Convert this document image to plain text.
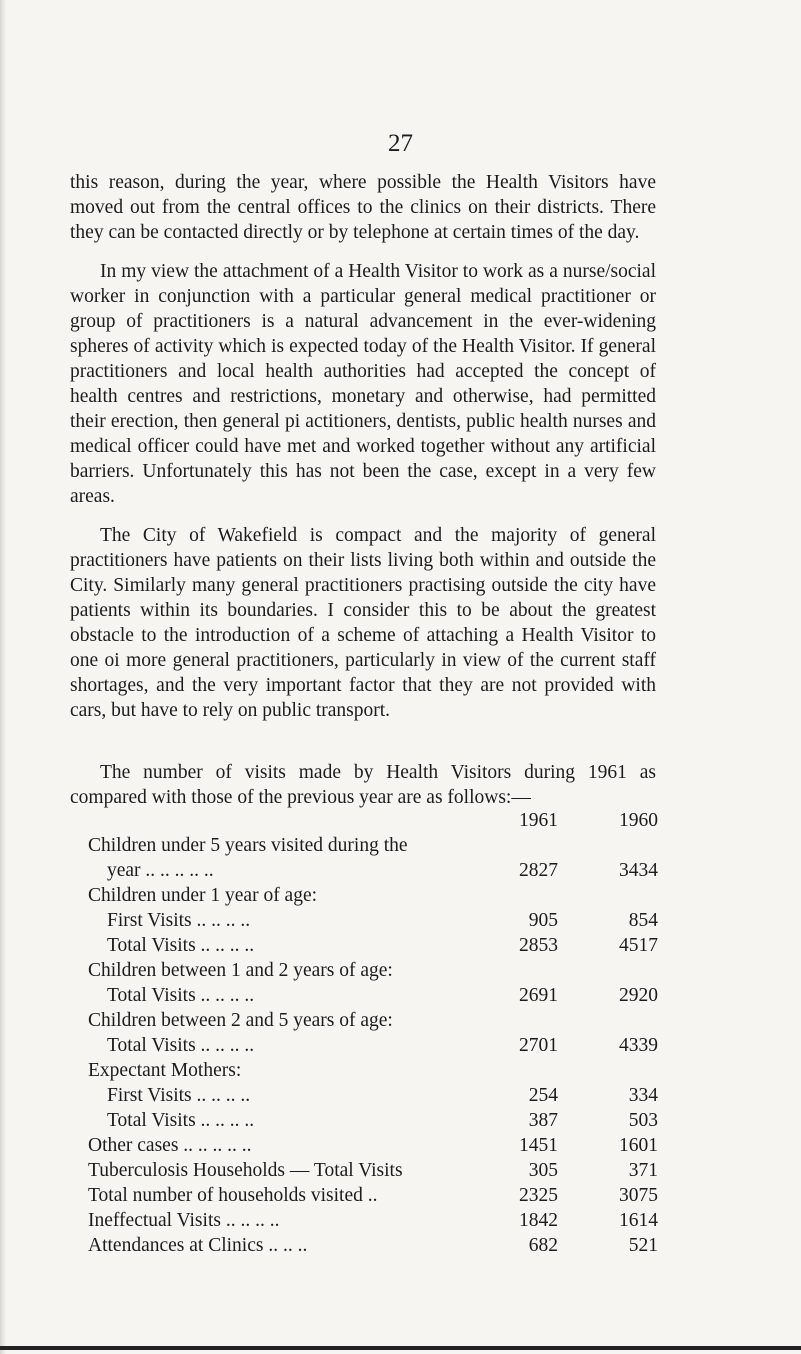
27

this reason, during the year, where possible the Health Visitors have moved out from the central offices to the clinics on their districts. There they can be contacted directly or by telephone at certain times of the day.

In my view the attachment of a Health Visitor to work as a nurse/social worker in conjunction with a particular general medical practitioner or group of practitioners is a natural advancement in the ever-widening spheres of activity which is expected today of the Health Visitor. If general practitioners and local health authorities had accepted the concept of health centres and restrictions, monetary and otherwise, had permitted their erection, then general pi actitioners, dentists, public health nurses and medical officer could have met and worked together without any artificial barriers. Unfortunately this has not been the case, except in a very few areas.

The City of Wakefield is compact and the majority of general practitioners have patients on their lists living both within and outside the City. Similarly many general practitioners practising outside the city have patients within its boundaries. I consider this to be about the greatest obstacle to the introduction of a scheme of attaching a Health Visitor to one oi more general practitioners, particularly in view of the current staff shortages, and the very important factor that they are not provided with cars, but have to rely on public transport.

The number of visits made by Health Visitors during 1961 as compared with those of the previous year are as follows:—

	1961	1960
Children under 5 years visited during the		
year .. .. .. .. ..	2827	3434
Children under 1 year of age:		
First Visits .. .. .. ..	905	854
Total Visits .. .. .. ..	2853	4517
Children between 1 and 2 years of age:		
Total Visits .. .. .. ..	2691	2920
Children between 2 and 5 years of age:		
Total Visits .. .. .. ..	2701	4339
Expectant Mothers:		
First Visits .. .. .. ..	254	334
Total Visits .. .. .. ..	387	503
Other cases .. .. .. .. ..	1451	1601
Tuberculosis Households — Total Visits	305	371
Total number of households visited ..	2325	3075
Ineffectual Visits .. .. .. ..	1842	1614
Attendances at Clinics .. .. ..	682	521
